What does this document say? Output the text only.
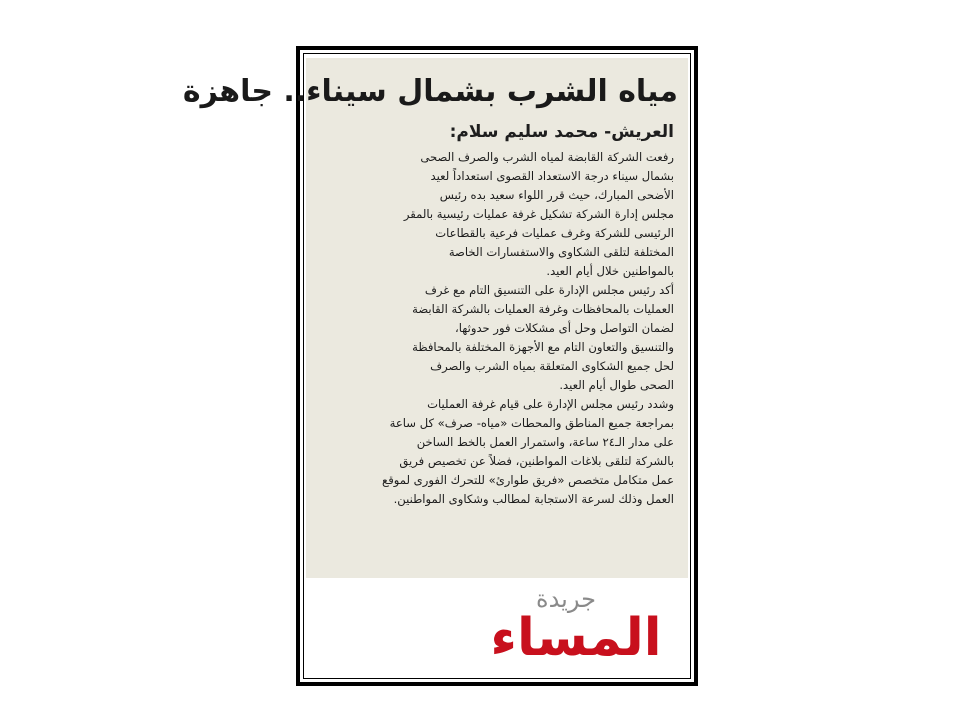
مياه الشرب بشمال سيناء.. جاهزة
العريش- محمد سليم سلام:
رفعت الشركة القابضة لمياه الشرب والصرف الصحى
بشمال سيناء درجة الاستعداد القصوى استعداداً لعيد
الأضحى المبارك، حيث قرر اللواء سعيد بده رئيس
مجلس إدارة الشركة تشكيل غرفة عمليات رئيسية بالمقر
الرئيسى للشركة وغرف عمليات فرعية بالقطاعات
المختلفة لتلقى الشكاوى والاستفسارات الخاصة
بالمواطنين خلال أيام العيد.
أكد رئيس مجلس الإدارة على التنسيق التام مع غرف
العمليات بالمحافظات وغرفة العمليات بالشركة القابضة
لضمان التواصل وحل أى مشكلات فور حدوثها،
والتنسيق والتعاون التام مع الأجهزة المختلفة بالمحافظة
لحل جميع الشكاوى المتعلقة بمياه الشرب والصرف
الصحى طوال أيام العيد.
وشدد رئيس مجلس الإدارة على قيام غرفة العمليات
بمراجعة جميع المناطق والمحطات «مياه- صرف» كل ساعة
على مدار الـ٢٤ ساعة، واستمرار العمل بالخط الساخن
بالشركة لتلقى بلاغات المواطنين، فضلاً عن تخصيص فريق
عمل متكامل متخصص «فريق طوارئ» للتحرك الفورى لموقع
العمل وذلك لسرعة الاستجابة لمطالب وشكاوى المواطنين.
جريدة
المساء
